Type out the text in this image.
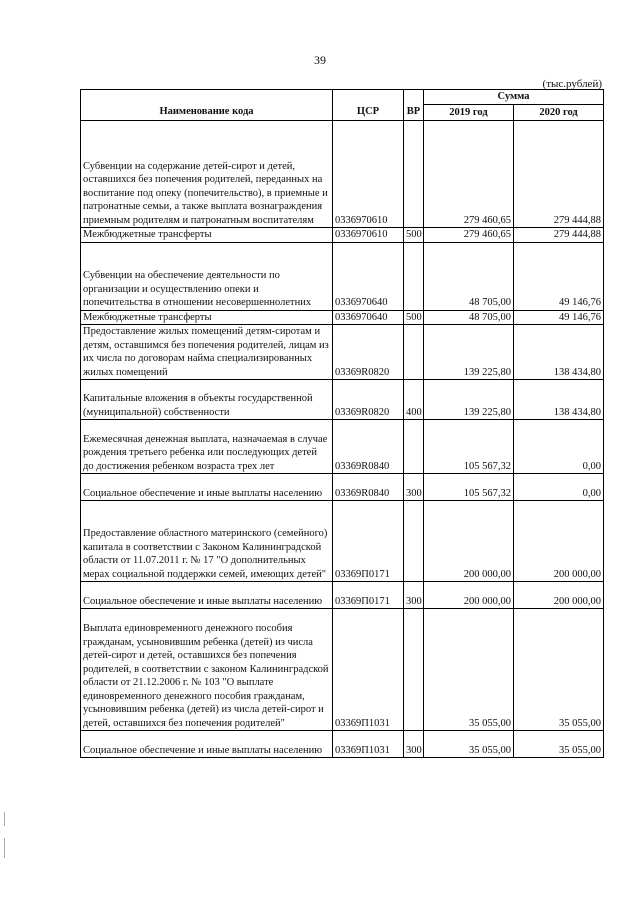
39
(тыс.рублей)
Наименование кода	ЦСР	ВР	Сумма	
			2019 год	2020 год
Субвенции на содержание детей-сирот и детей, оставшихся без попечения родителей, переданных на воспитание под опеку (попечительство), в приемные и патронатные семьи, а также выплата вознаграждения приемным родителям и патронатным воспитателям	0336970610		279 460,65	279 444,88
Межбюджетные трансферты	0336970610	500	279 460,65	279 444,88
Субвенции на обеспечение деятельности по организации и осуществлению опеки и попечительства в отношении несовершеннолетних	0336970640		48 705,00	49 146,76
Межбюджетные трансферты	0336970640	500	48 705,00	49 146,76
Предоставление жилых помещений детям-сиротам и детям, оставшимся без попечения родителей, лицам из их числа по договорам найма специализированных жилых помещений	03369R0820		139 225,80	138 434,80
Капитальные вложения в объекты государственной (муниципальной) собственности	03369R0820	400	139 225,80	138 434,80
Ежемесячная денежная выплата, назначаемая в случае рождения третьего ребенка или последующих детей до достижения ребенком возраста трех лет	03369R0840		105 567,32	0,00
Социальное обеспечение и иные выплаты населению	03369R0840	300	105 567,32	0,00
Предоставление областного материнского (семейного) капитала в соответствии с Законом Калининградской области от 11.07.2011 г. № 17 "О дополнительных мерах социальной поддержки семей, имеющих детей"	03369П0171		200 000,00	200 000,00
Социальное обеспечение и иные выплаты населению	03369П0171	300	200 000,00	200 000,00
Выплата единовременного денежного пособия гражданам, усыновившим ребенка (детей) из числа детей-сирот и детей, оставшихся без попечения родителей, в соответствии с законом Калининградской области от 21.12.2006 г. № 103 "О выплате единовременного денежного пособия гражданам, усыновившим ребенка (детей) из числа детей-сирот и детей, оставшихся без попечения родителей"	03369П1031		35 055,00	35 055,00
Социальное обеспечение и иные выплаты населению	03369П1031	300	35 055,00	35 055,00
